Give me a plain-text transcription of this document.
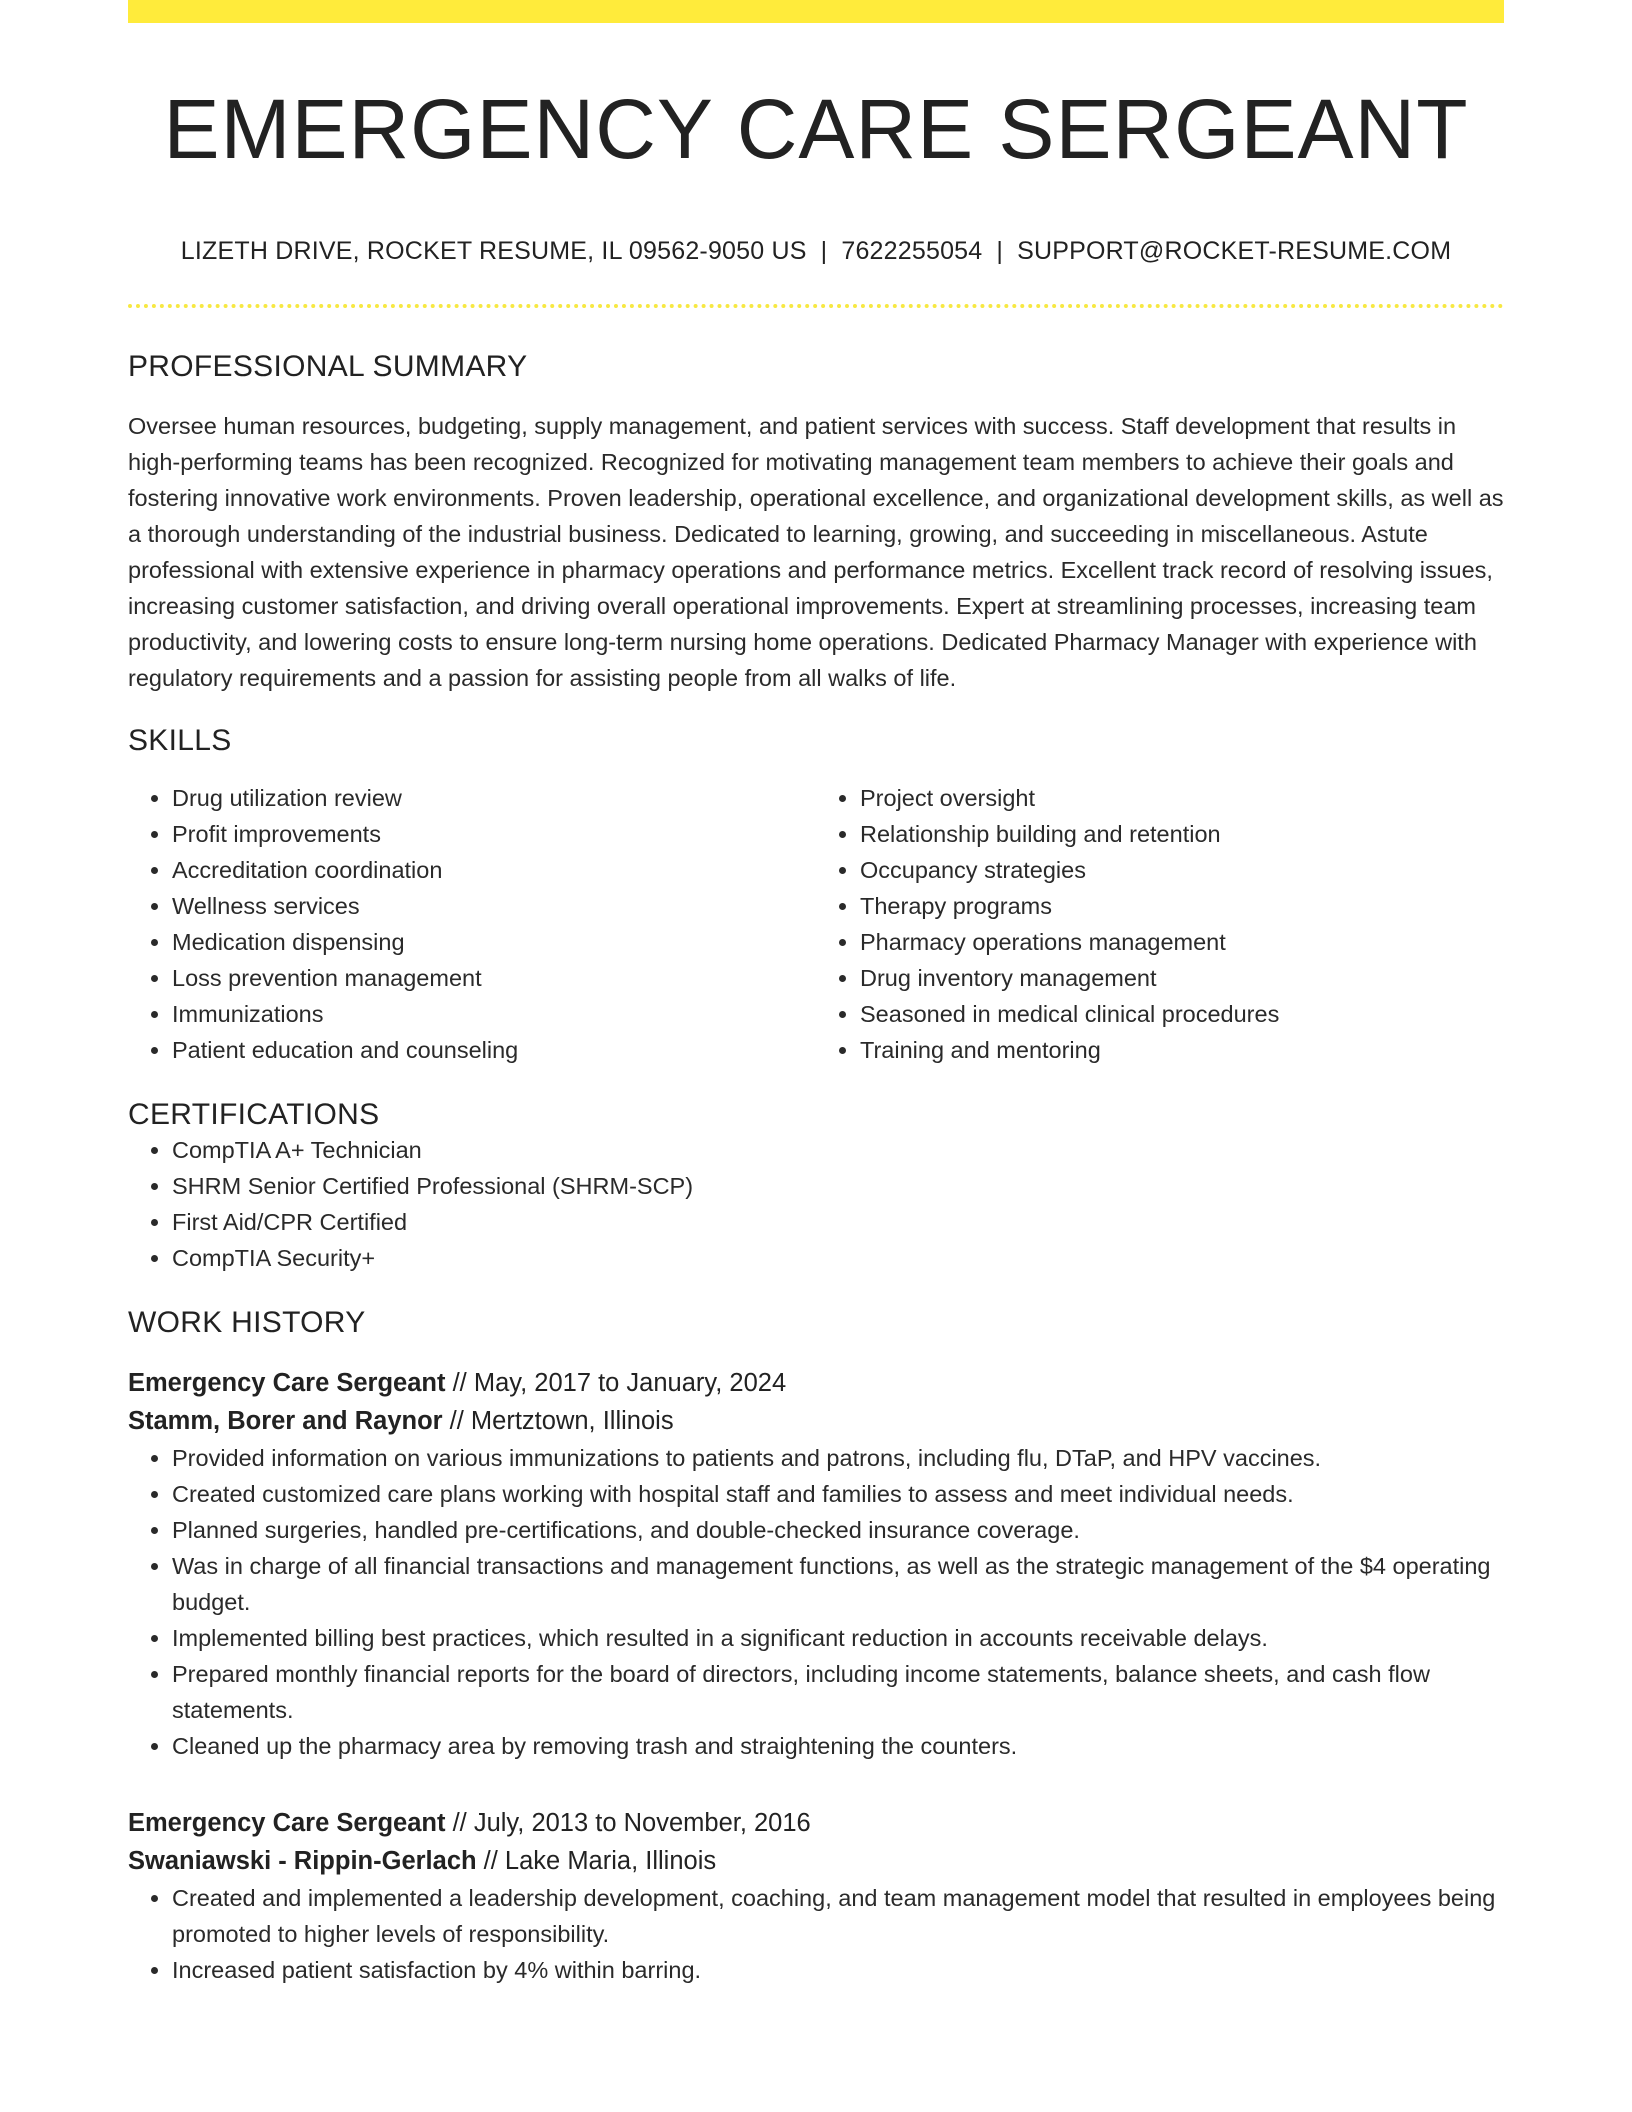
EMERGENCY CARE SERGEANT
LIZETH DRIVE, ROCKET RESUME, IL 09562-9050 US | 7622255054 | SUPPORT@ROCKET-RESUME.COM
PROFESSIONAL SUMMARY

Oversee human resources, budgeting, supply management, and patient services with success. Staff development that results in high-performing teams has been recognized. Recognized for motivating management team members to achieve their goals and fostering innovative work environments. Proven leadership, operational excellence, and organizational development skills, as well as a thorough understanding of the industrial business. Dedicated to learning, growing, and succeeding in miscellaneous. Astute professional with extensive experience in pharmacy operations and performance metrics. Excellent track record of resolving issues, increasing customer satisfaction, and driving overall operational improvements. Expert at streamlining processes, increasing team productivity, and lowering costs to ensure long-term nursing home operations. Dedicated Pharmacy Manager with experience with regulatory requirements and a passion for assisting people from all walks of life.

SKILLS
• Drug utilization review
• Profit improvements
• Accreditation coordination
• Wellness services
• Medication dispensing
• Loss prevention management
• Immunizations
• Patient education and counseling
• Project oversight
• Relationship building and retention
• Occupancy strategies
• Therapy programs
• Pharmacy operations management
• Drug inventory management
• Seasoned in medical clinical procedures
• Training and mentoring
CERTIFICATIONS
• CompTIA A+ Technician
• SHRM Senior Certified Professional (SHRM-SCP)
• First Aid/CPR Certified
• CompTIA Security+
WORK HISTORY
Emergency Care Sergeant // May, 2017 to January, 2024
Stamm, Borer and Raynor // Mertztown, Illinois
• Provided information on various immunizations to patients and patrons, including flu, DTaP, and HPV vaccines.
• Created customized care plans working with hospital staff and families to assess and meet individual needs.
• Planned surgeries, handled pre-certifications, and double-checked insurance coverage.
• Was in charge of all financial transactions and management functions, as well as the strategic management of the $4 operating budget.
• Implemented billing best practices, which resulted in a significant reduction in accounts receivable delays.
• Prepared monthly financial reports for the board of directors, including income statements, balance sheets, and cash flow statements.
• Cleaned up the pharmacy area by removing trash and straightening the counters.
Emergency Care Sergeant // July, 2013 to November, 2016
Swaniawski - Rippin-Gerlach // Lake Maria, Illinois
• Created and implemented a leadership development, coaching, and team management model that resulted in employees being promoted to higher levels of responsibility.
• Increased patient satisfaction by 4% within barring.
